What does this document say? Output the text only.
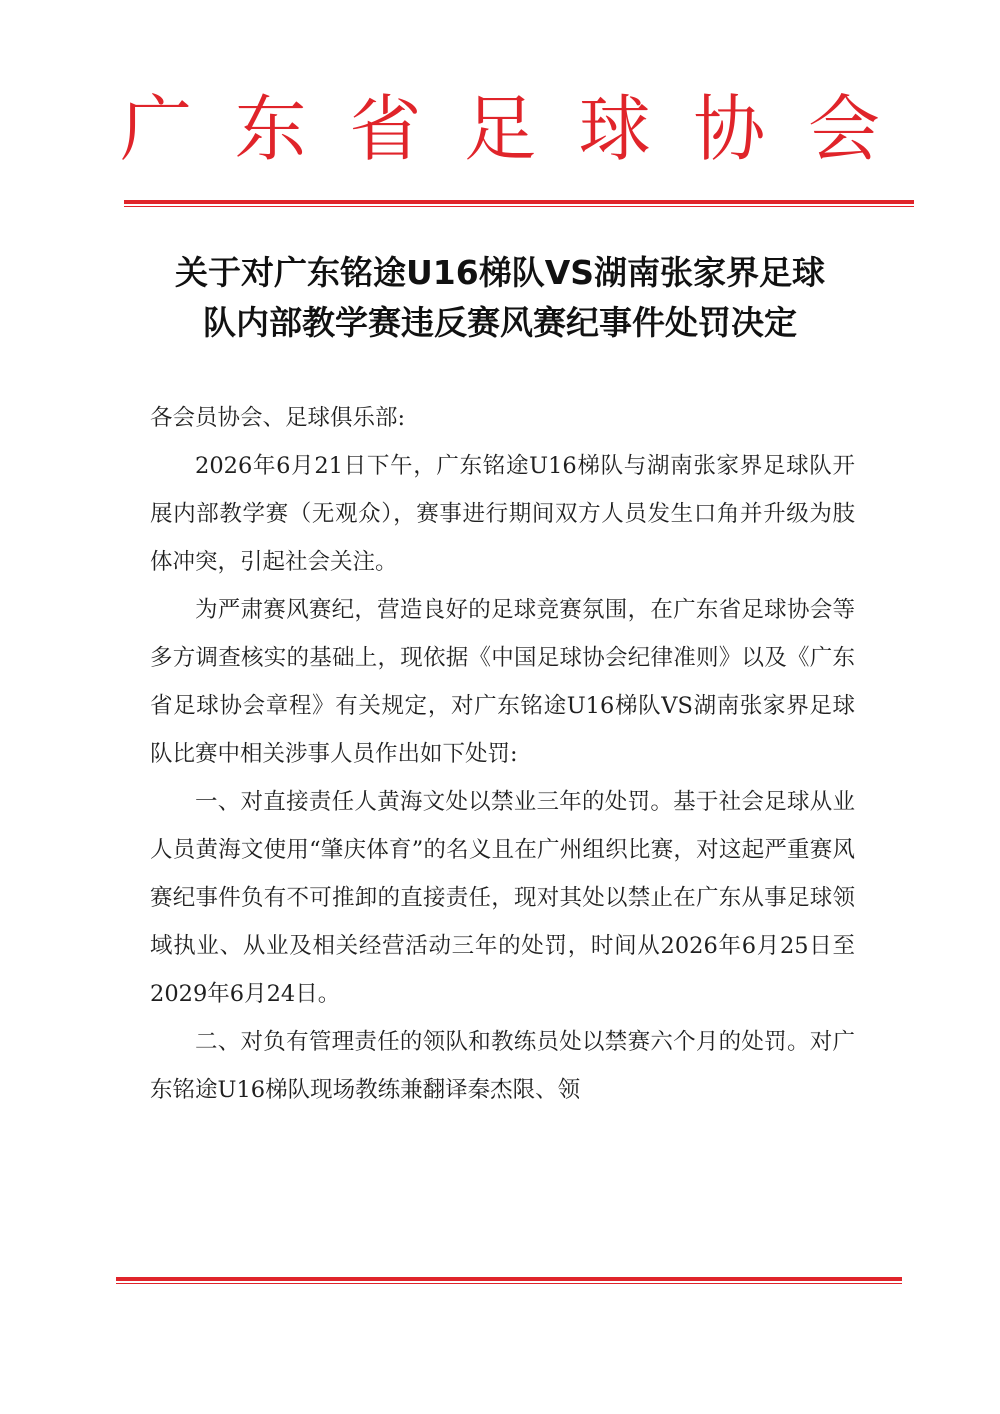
广 东 省 足 球 协 会
关于对广东铭途U16梯队VS湖南张家界足球
队内部教学赛违反赛风赛纪事件处罚决定

各会员协会、足球俱乐部:

2026年6月21日下午，广东铭途U16梯队与湖南张家界足球队开展内部教学赛（无观众），赛事进行期间双方人员发生口角并升级为肢体冲突，引起社会关注。

为严肃赛风赛纪，营造良好的足球竞赛氛围，在广东省足球协会等多方调查核实的基础上，现依据《中国足球协会纪律准则》以及《广东省足球协会章程》有关规定，对广东铭途U16梯队VS湖南张家界足球队比赛中相关涉事人员作出如下处罚:

一、对直接责任人黄海文处以禁业三年的处罚。基于社会足球从业人员黄海文使用“肇庆体育”的名义且在广州组织比赛，对这起严重赛风赛纪事件负有不可推卸的直接责任，现对其处以禁止在广东从事足球领域执业、从业及相关经营活动三年的处罚，时间从2026年6月25日至2029年6月24日。

二、对负有管理责任的领队和教练员处以禁赛六个月的处罚。对广东铭途U16梯队现场教练兼翻译秦杰限、领
